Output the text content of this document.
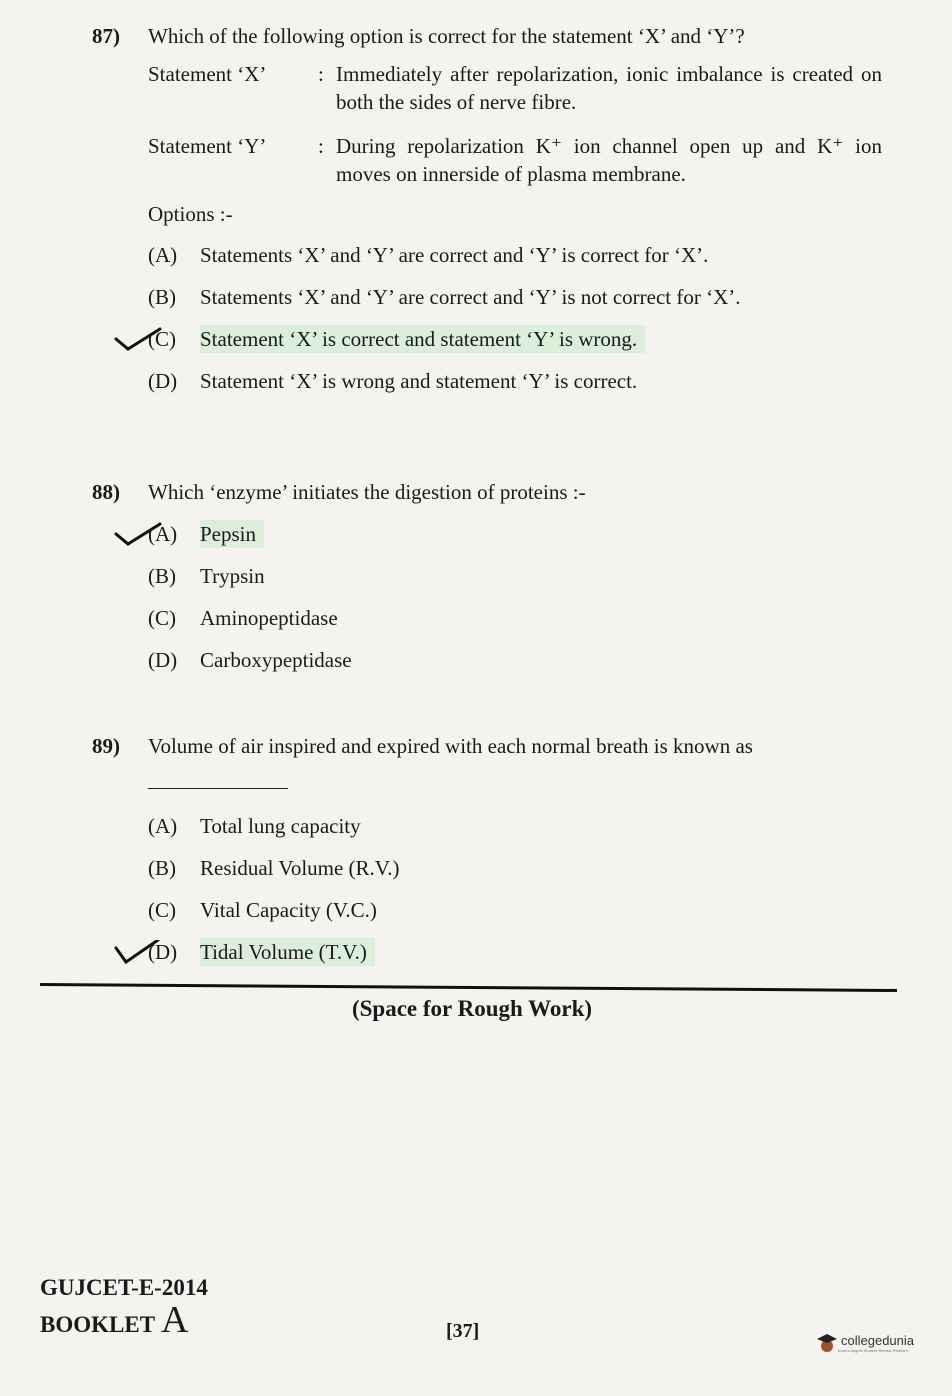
87)	Which of the following option is correct for the statement ‘X’ and ‘Y’?
Statement ‘X’	: Immediately after repolarization, ionic imbalance is created on both the sides of nerve fibre.
Statement ‘Y’	: During repolarization K⁺ ion channel open up and K⁺ ion moves on innerside of plasma membrane.
Options :-
(A)	Statements ‘X’ and ‘Y’ are correct and ‘Y’ is correct for ‘X’.
(B)	Statements ‘X’ and ‘Y’ are correct and ‘Y’ is not correct for ‘X’.
(C)	Statement ‘X’ is correct and statement ‘Y’ is wrong.
(D)	Statement ‘X’ is wrong and statement ‘Y’ is correct.
88)	Which ‘enzyme’ initiates the digestion of proteins :-
(A)	Pepsin
(B)	Trypsin
(C)	Aminopeptidase
(D)	Carboxypeptidase
89)	Volume of air inspired and expired with each normal breath is known as
(A)	Total lung capacity
(B)	Residual Volume (R.V.)
(C)	Vital Capacity (V.C.)
(D)	Tidal Volume (T.V.)
(Space for Rough Work)
GUJCET-E-2014
BOOKLET A	[37]	collegedunia
India's largest Student Review Platform
